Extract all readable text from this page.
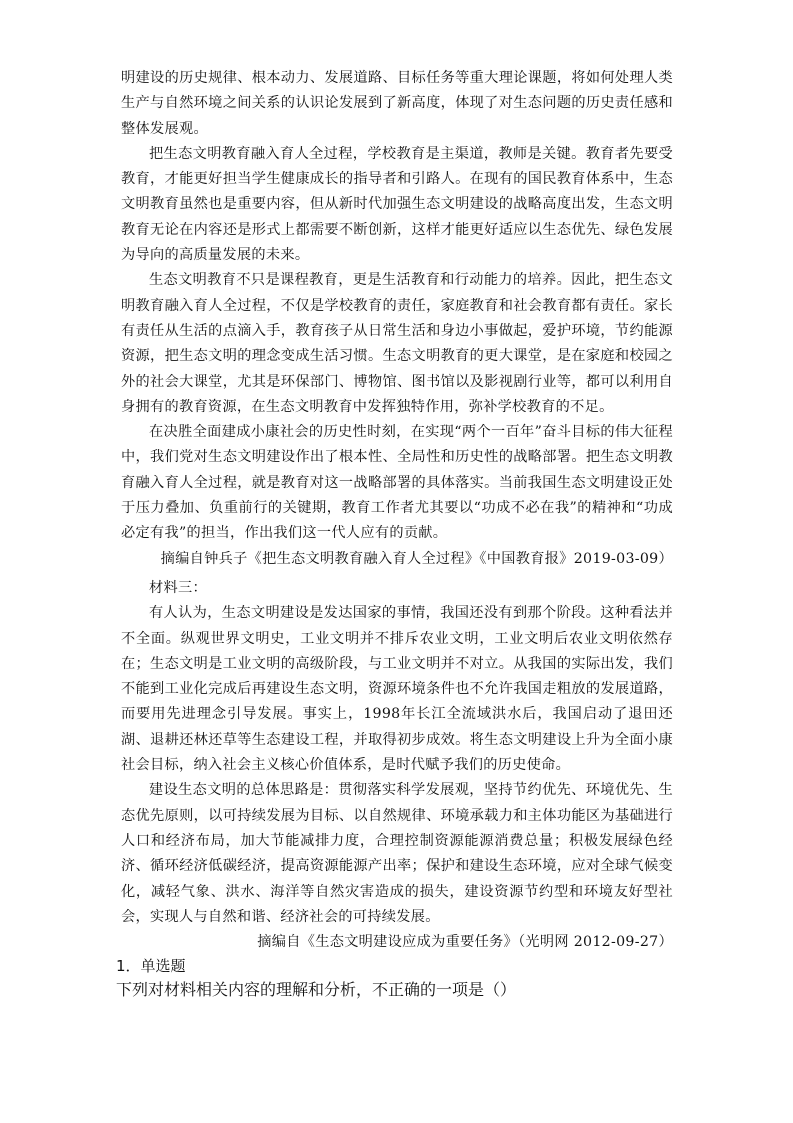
明建设的历史规律、根本动力、发展道路、目标任务等重大理论课题，将如何处理人类生产与自然环境之间关系的认识论发展到了新高度，体现了对生态问题的历史责任感和整体发展观。

把生态文明教育融入育人全过程，学校教育是主渠道，教师是关键。教育者先要受教育，才能更好担当学生健康成长的指导者和引路人。在现有的国民教育体系中，生态文明教育虽然也是重要内容，但从新时代加强生态文明建设的战略高度出发，生态文明教育无论在内容还是形式上都需要不断创新，这样才能更好适应以生态优先、绿色发展为导向的高质量发展的未来。

生态文明教育不只是课程教育，更是生活教育和行动能力的培养。因此，把生态文明教育融入育人全过程，不仅是学校教育的责任，家庭教育和社会教育都有责任。家长有责任从生活的点滴入手，教育孩子从日常生活和身边小事做起，爱护环境，节约能源资源，把生态文明的理念变成生活习惯。生态文明教育的更大课堂，是在家庭和校园之外的社会大课堂，尤其是环保部门、博物馆、图书馆以及影视剧行业等，都可以利用自身拥有的教育资源，在生态文明教育中发挥独特作用，弥补学校教育的不足。

在决胜全面建成小康社会的历史性时刻，在实现“两个一百年”奋斗目标的伟大征程中，我们党对生态文明建设作出了根本性、全局性和历史性的战略部署。把生态文明教育融入育人全过程，就是教育对这一战略部署的具体落实。当前我国生态文明建设正处于压力叠加、负重前行的关键期，教育工作者尤其要以“功成不必在我”的精神和“功成必定有我”的担当，作出我们这一代人应有的贡献。

摘编自钟兵子《把生态文明教育融入育人全过程》《中国教育报》2019-03-09）

材料三：

有人认为，生态文明建设是发达国家的事情，我国还没有到那个阶段。这种看法并不全面。纵观世界文明史，工业文明并不排斥农业文明，工业文明后农业文明依然存在；生态文明是工业文明的高级阶段，与工业文明并不对立。从我国的实际出发，我们不能到工业化完成后再建设生态文明，资源环境条件也不允许我国走粗放的发展道路，而要用先进理念引导发展。事实上，1998年长江全流域洪水后，我国启动了退田还湖、退耕还林还草等生态建设工程，并取得初步成效。将生态文明建设上升为全面小康社会目标，纳入社会主义核心价值体系，是时代赋予我们的历史使命。

建设生态文明的总体思路是：贯彻落实科学发展观，坚持节约优先、环境优先、生态优先原则，以可持续发展为目标、以自然规律、环境承载力和主体功能区为基础进行人口和经济布局，加大节能减排力度，合理控制资源能源消费总量；积极发展绿色经济、循环经济低碳经济，提高资源能源产出率；保护和建设生态环境，应对全球气候变化，减轻气象、洪水、海洋等自然灾害造成的损失，建设资源节约型和环境友好型社会，实现人与自然和谐、经济社会的可持续发展。

摘编自《生态文明建设应成为重要任务》（光明网 2012-09-27）

1．单选题

下列对材料相关内容的理解和分析，不正确的一项是（）
